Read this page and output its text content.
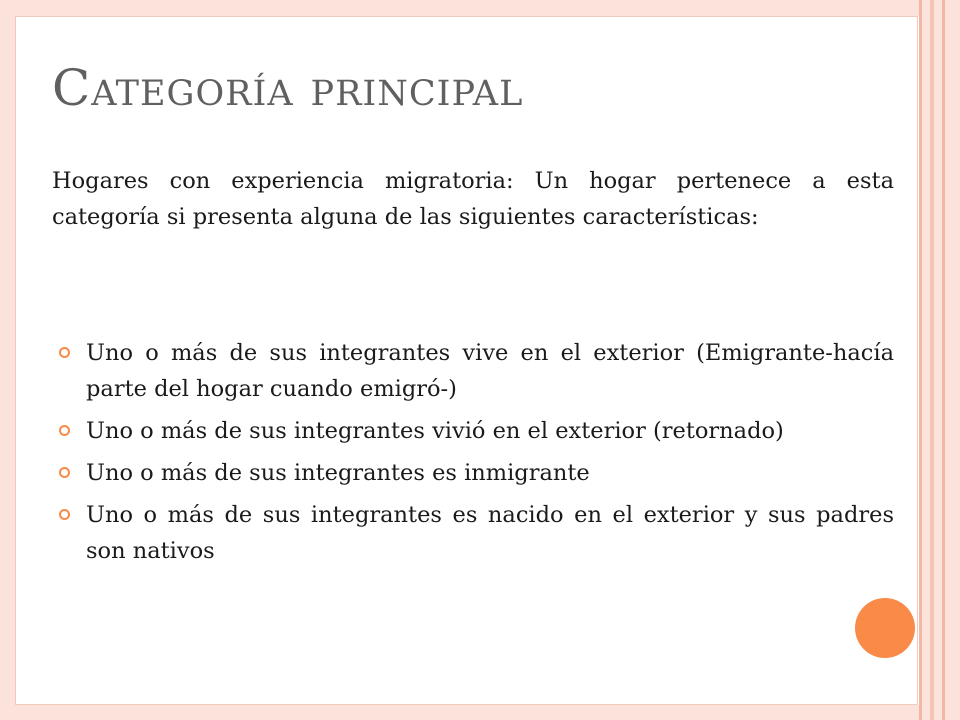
Categoría principal

Hogares con experiencia migratoria: Un hogar pertenece a esta categoría si presenta alguna de las siguientes características:

Uno o más de sus integrantes vive en el exterior (Emigrante-hacía parte del hogar cuando emigró-)
Uno o más de sus integrantes vivió en el exterior (retornado)
Uno o más de sus integrantes es inmigrante
Uno o más de sus integrantes es nacido en el exterior y sus padres son nativos
